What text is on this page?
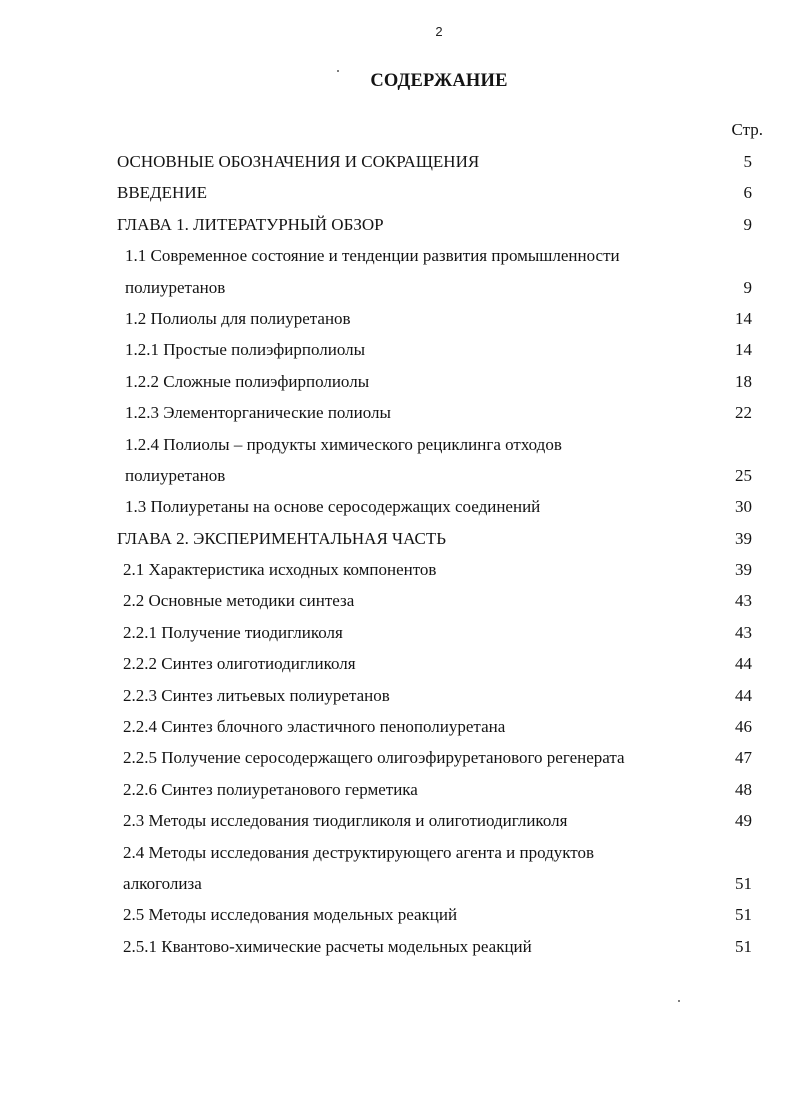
2
СОДЕРЖАНИЕ
Стр.
ОСНОВНЫЕ ОБОЗНАЧЕНИЯ И СОКРАЩЕНИЯ	5
ВВЕДЕНИЕ	6
ГЛАВА 1. ЛИТЕРАТУРНЫЙ ОБЗОР	9
1.1 Современное состояние и тенденции развития промышленности
полиуретанов	9
1.2 Полиолы для полиуретанов	14
1.2.1 Простые полиэфирполиолы	14
1.2.2 Сложные полиэфирполиолы	18
1.2.3 Элементорганические полиолы	22
1.2.4 Полиолы – продукты химического рециклинга отходов
полиуретанов	25
1.3 Полиуретаны на основе серосодержащих соединений	30
ГЛАВА 2. ЭКСПЕРИМЕНТАЛЬНАЯ ЧАСТЬ	39
2.1 Характеристика исходных компонентов	39
2.2 Основные методики синтеза	43
2.2.1 Получение тиодигликоля	43
2.2.2 Синтез олиготиодигликоля	44
2.2.3 Синтез литьевых полиуретанов	44
2.2.4 Синтез блочного эластичного пенополиуретана	46
2.2.5 Получение серосодержащего олигоэфируретанового регенерата	47
2.2.6 Синтез полиуретанового герметика	48
2.3 Методы исследования тиодигликоля и олиготиодигликоля	49
2.4 Методы исследования деструктирующего агента и продуктов
алкоголиза	51
2.5 Методы исследования модельных реакций	51
2.5.1 Квантово-химические расчеты модельных реакций	51
